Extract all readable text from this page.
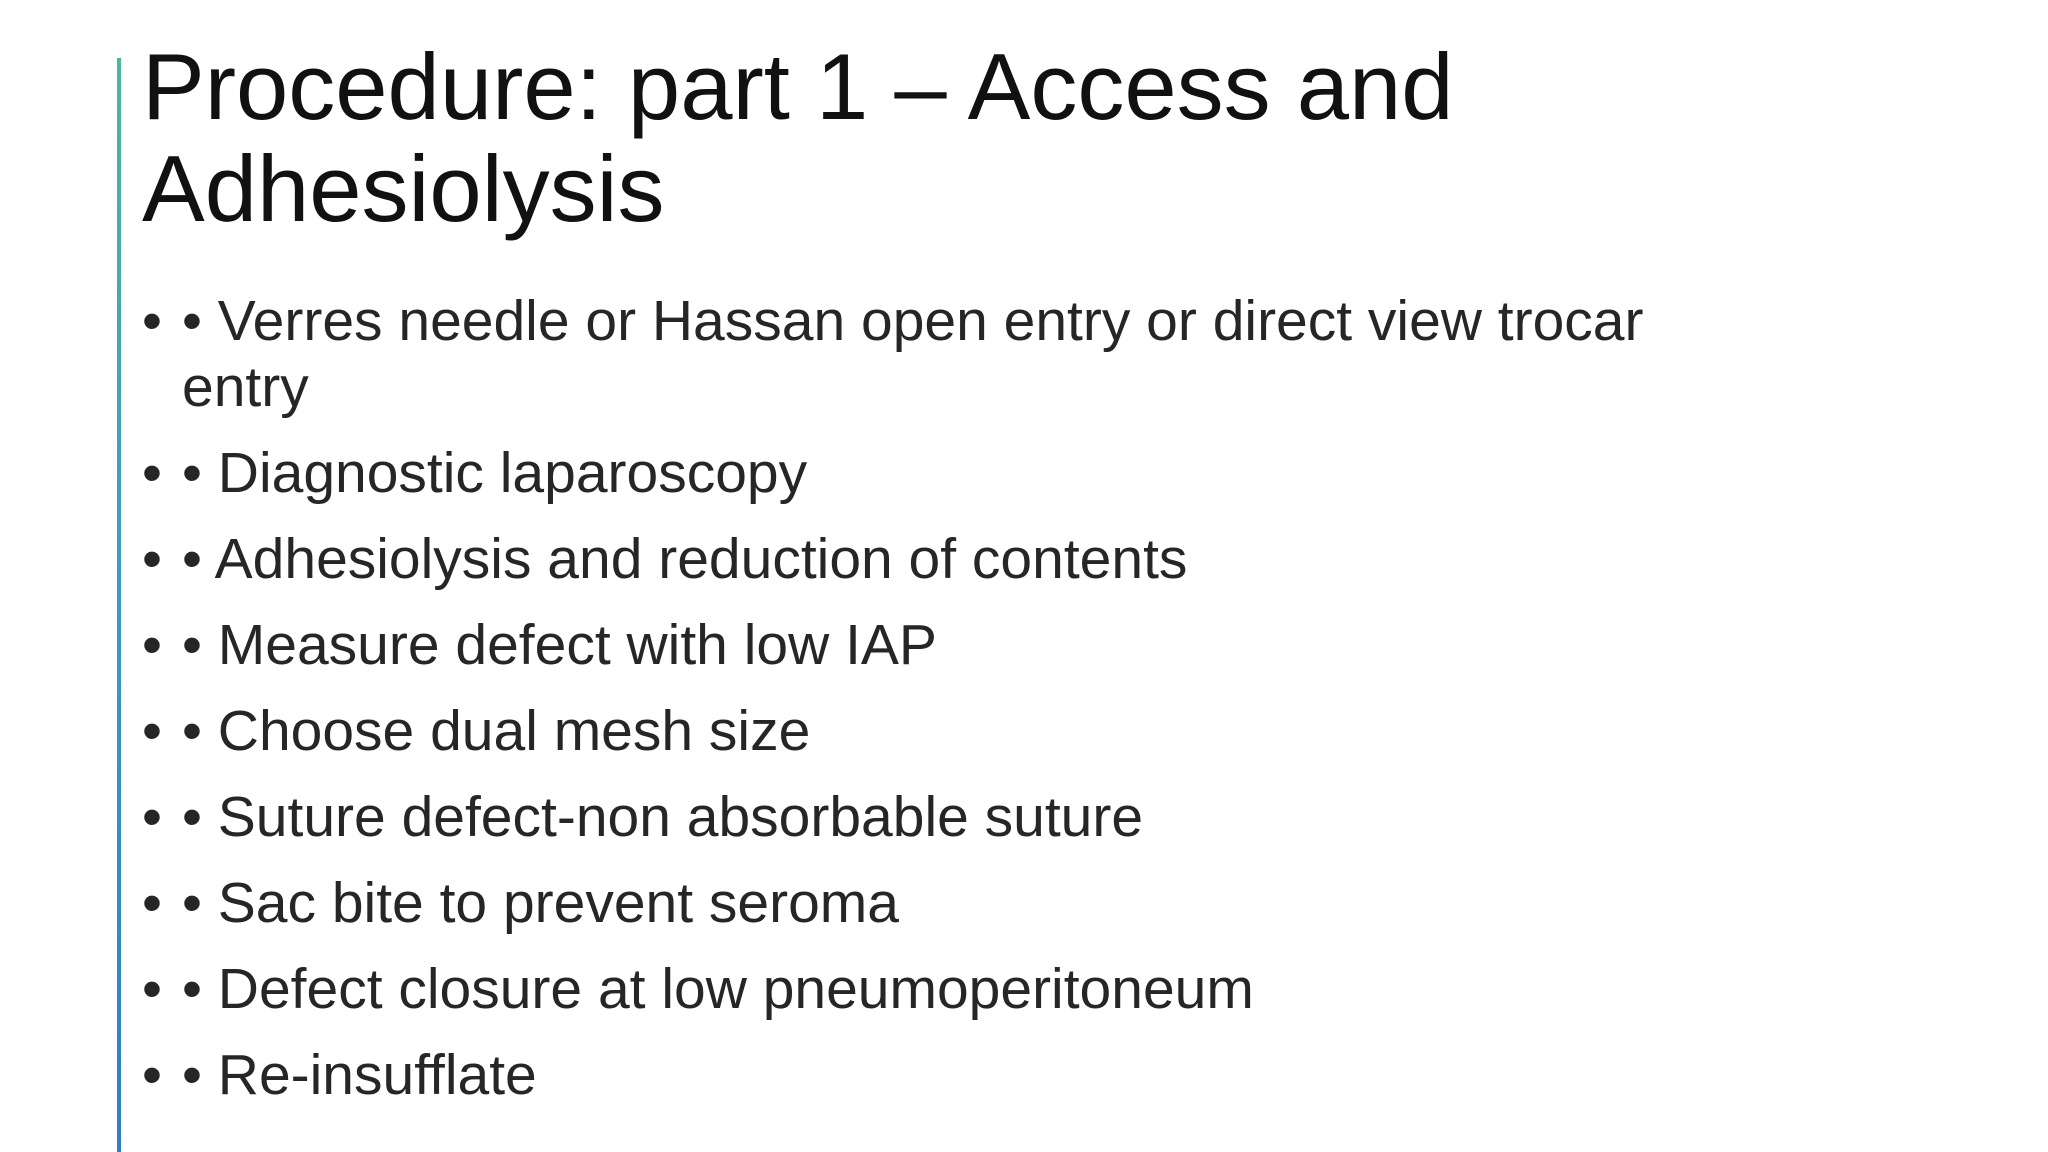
Procedure: part 1 – Access and Adhesiolysis
• • Verres needle or Hassan open entry or direct view trocar entry
• • Diagnostic laparoscopy
• • Adhesiolysis and reduction of contents
• • Measure defect with low IAP
• • Choose dual mesh size
• • Suture defect-non absorbable suture
• • Sac bite to prevent seroma
• • Defect closure at low pneumoperitoneum
• • Re-insufflate
